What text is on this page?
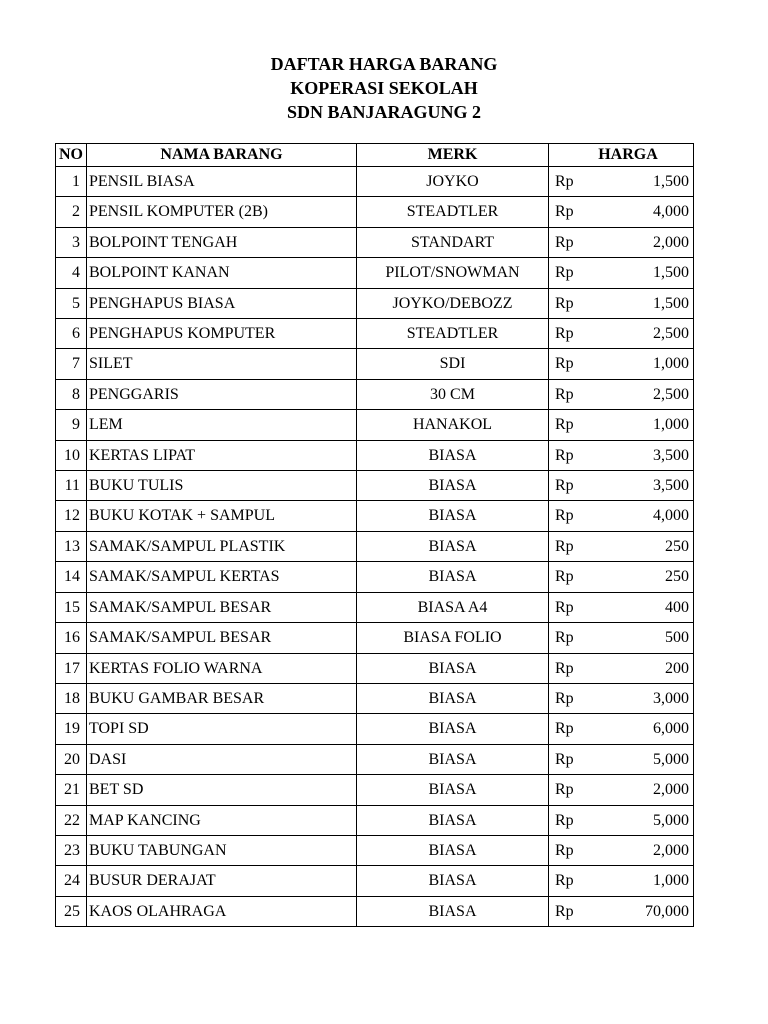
DAFTAR HARGA BARANG
KOPERASI SEKOLAH
SDN BANJARAGUNG 2
NO	NAMA BARANG	MERK	HARGA	
1	PENSIL BIASA	JOYKO	Rp	1,500
2	PENSIL KOMPUTER (2B)	STEADTLER	Rp	4,000
3	BOLPOINT TENGAH	STANDART	Rp	2,000
4	BOLPOINT KANAN	PILOT/SNOWMAN	Rp	1,500
5	PENGHAPUS BIASA	JOYKO/DEBOZZ	Rp	1,500
6	PENGHAPUS KOMPUTER	STEADTLER	Rp	2,500
7	SILET	SDI	Rp	1,000
8	PENGGARIS	30 CM	Rp	2,500
9	LEM	HANAKOL	Rp	1,000
10	KERTAS LIPAT	BIASA	Rp	3,500
11	BUKU TULIS	BIASA	Rp	3,500
12	BUKU KOTAK + SAMPUL	BIASA	Rp	4,000
13	SAMAK/SAMPUL PLASTIK	BIASA	Rp	250
14	SAMAK/SAMPUL KERTAS	BIASA	Rp	250
15	SAMAK/SAMPUL BESAR	BIASA A4	Rp	400
16	SAMAK/SAMPUL BESAR	BIASA FOLIO	Rp	500
17	KERTAS FOLIO WARNA	BIASA	Rp	200
18	BUKU GAMBAR BESAR	BIASA	Rp	3,000
19	TOPI SD	BIASA	Rp	6,000
20	DASI	BIASA	Rp	5,000
21	BET SD	BIASA	Rp	2,000
22	MAP KANCING	BIASA	Rp	5,000
23	BUKU TABUNGAN	BIASA	Rp	2,000
24	BUSUR DERAJAT	BIASA	Rp	1,000
25	KAOS OLAHRAGA	BIASA	Rp	70,000
